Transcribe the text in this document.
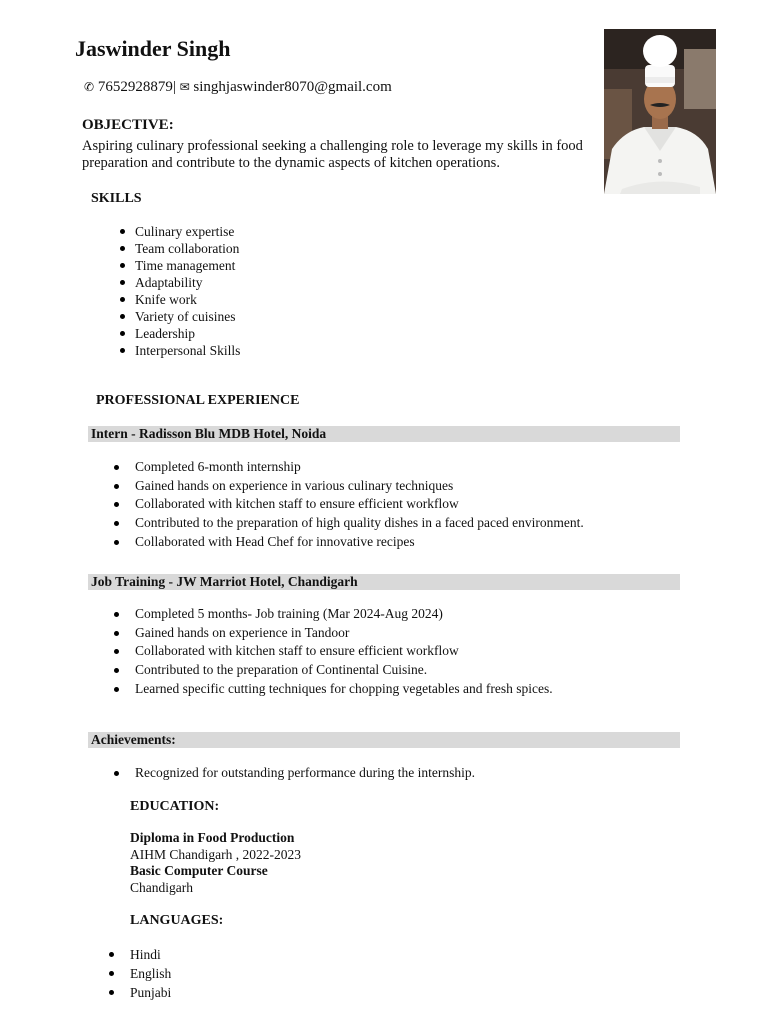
Jaswinder Singh
✆ 7652928879| ✉ singhjaswinder8070@gmail.com
OBJECTIVE:
Aspiring culinary professional seeking a challenging role to leverage my skills in food preparation and contribute to the dynamic aspects of kitchen operations.
SKILLS
Culinary expertise
Team collaboration
Time management
Adaptability
Knife work
Variety of cuisines
Leadership
Interpersonal Skills
PROFESSIONAL EXPERIENCE
Intern - Radisson Blu MDB Hotel, Noida
Completed 6-month internship
Gained hands on experience in various culinary techniques
Collaborated with kitchen staff to ensure efficient workflow
Contributed to the preparation of high quality dishes in a faced paced environment.
Collaborated with Head Chef for innovative recipes
Job Training - JW Marriot Hotel, Chandigarh
Completed 5 months- Job training (Mar 2024-Aug 2024)
Gained hands on experience in Tandoor
Collaborated with kitchen staff to ensure efficient workflow
Contributed to the preparation of Continental Cuisine.
Learned specific cutting techniques for chopping vegetables and fresh spices.
Achievements:
Recognized for outstanding performance during the internship.
EDUCATION:
Diploma in Food Production
AIHM Chandigarh , 2022-2023
Basic Computer Course
Chandigarh
LANGUAGES:
Hindi
English
Punjabi
